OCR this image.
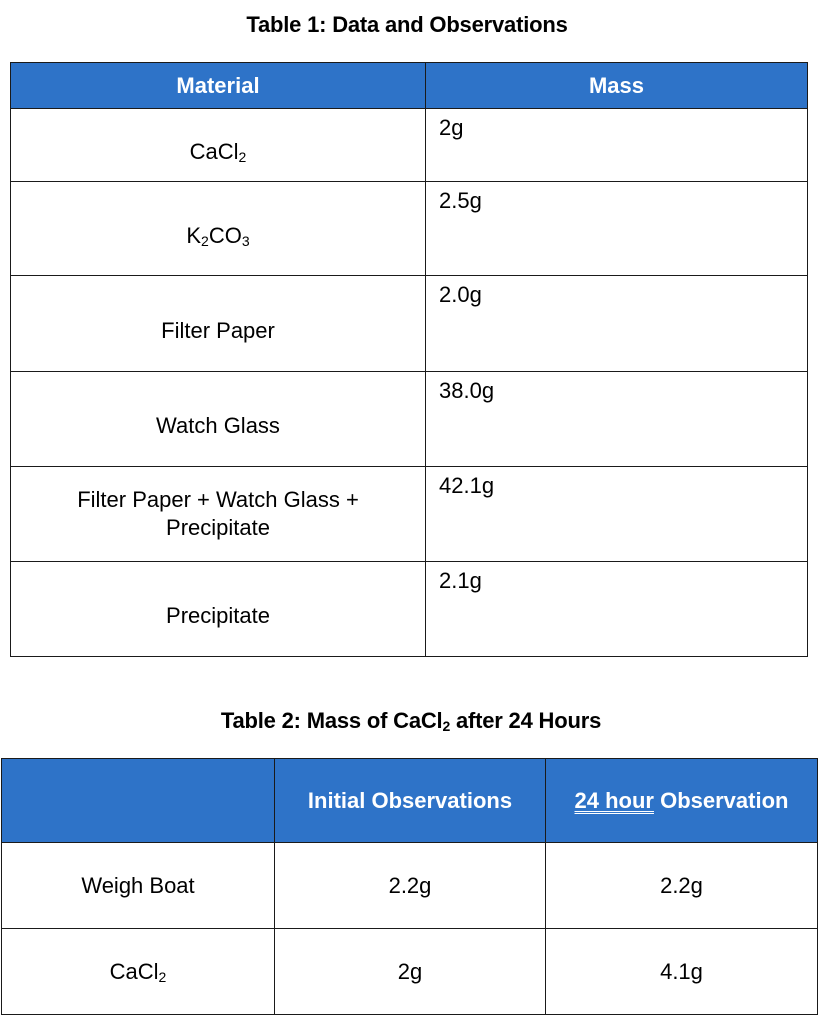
Table 1: Data and Observations
Material	Mass
CaCl$_2$	2g
$K_2CO_3$	2.5g
Filter Paper	2.0g
Watch Glass	38.0g

Filter Paper + Watch Glass +
Precipitate	42.1g
Precipitate	2.1g
Table 2: Mass of CaCl$_2$ after 24 Hours
	Initial Observations	24 hour Observation
Weigh Boat	2.2g	2.2g
CaCl$_2$	2g	4.1g
